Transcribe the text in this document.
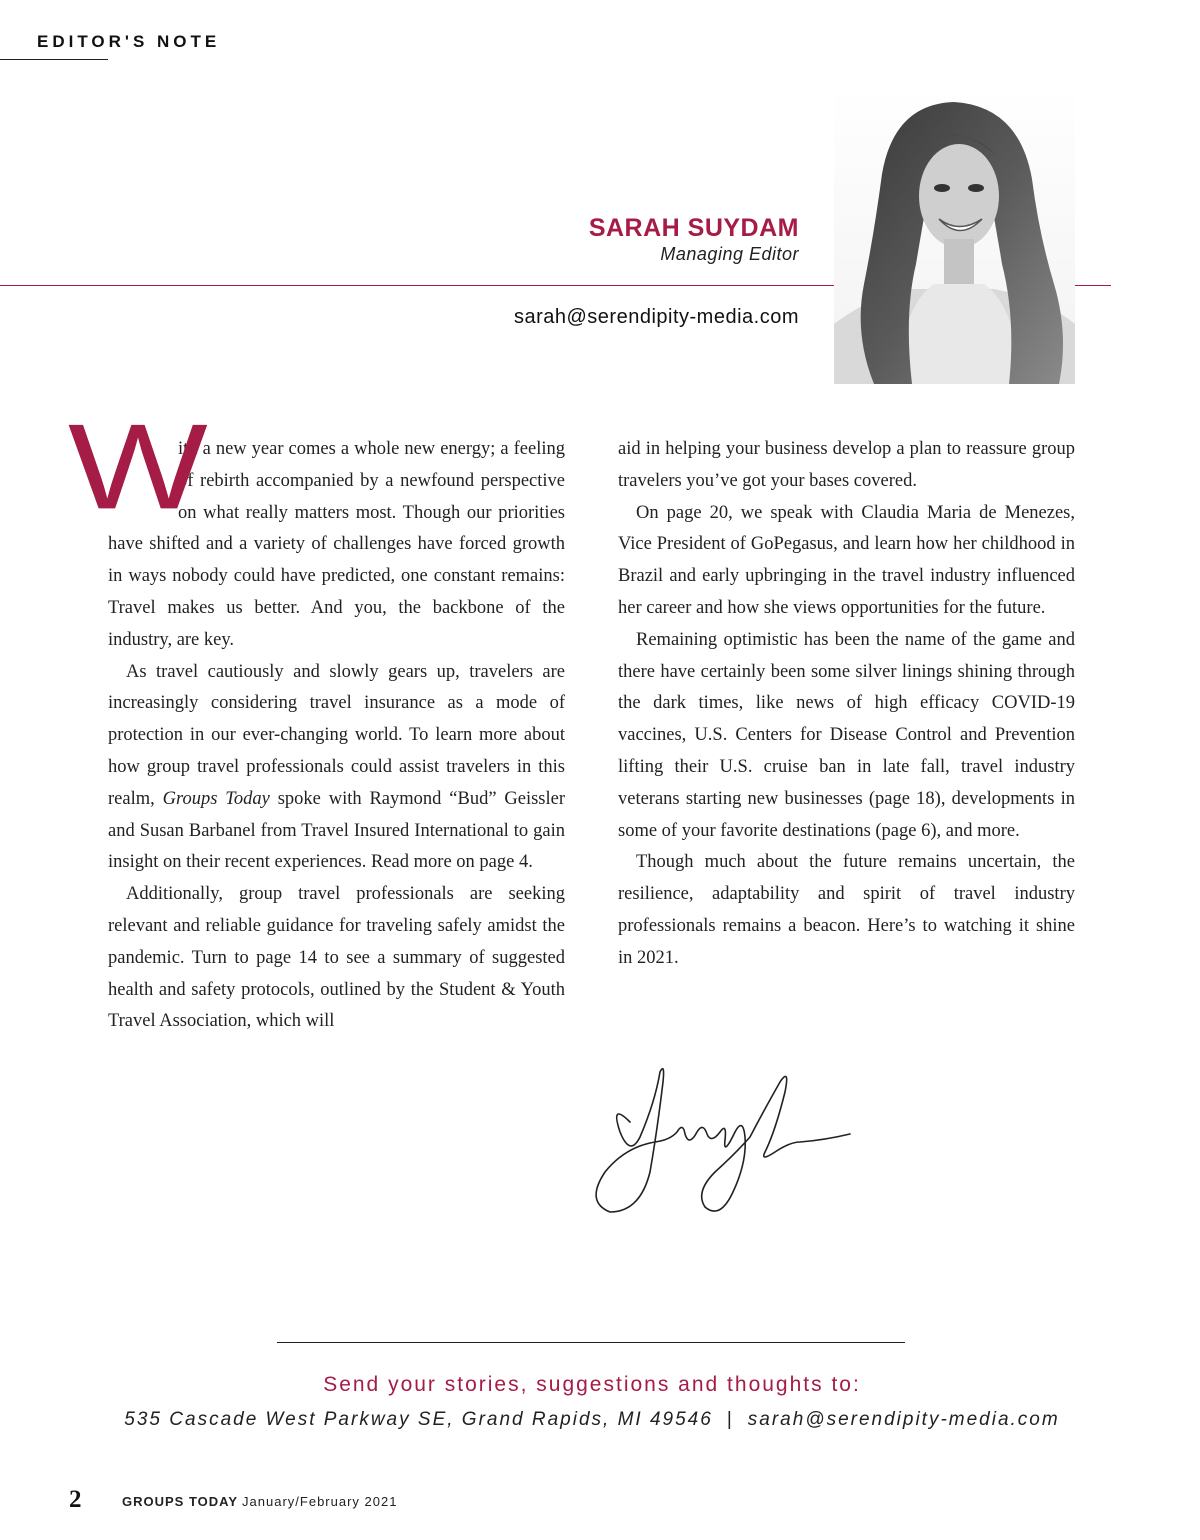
EDITOR'S NOTE
SARAH SUYDAM
Managing Editor
sarah@serendipity-media.com

W
ith a new year comes a whole new energy; a feeling of rebirth accompanied by a newfound perspective on what really matters most. Though our priorities have shifted and a variety of challenges have forced growth in ways nobody could have predicted, one constant remains: Travel makes us better. And you, the backbone of the industry, are key.

As travel cautiously and slowly gears up, travelers are increasingly considering travel insurance as a mode of protection in our ever-changing world. To learn more about how group travel professionals could assist travelers in this realm, Groups Today spoke with Raymond “Bud” Geissler and Susan Barbanel from Travel Insured International to gain insight on their recent experiences. Read more on page 4.

Additionally, group travel professionals are seeking relevant and reliable guidance for traveling safely amidst the pandemic. Turn to page 14 to see a summary of suggested health and safety protocols, outlined by the Student & Youth Travel Association, which will

aid in helping your business develop a plan to reassure group travelers you’ve got your bases covered.

On page 20, we speak with Claudia Maria de Menezes, Vice President of GoPegasus, and learn how her childhood in Brazil and early upbringing in the travel industry influenced her career and how she views opportunities for the future.

Remaining optimistic has been the name of the game and there have certainly been some silver linings shining through the dark times, like news of high efficacy COVID-19 vaccines, U.S. Centers for Disease Control and Prevention lifting their U.S. cruise ban in late fall, travel industry veterans starting new businesses (page 18), developments in some of your favorite destinations (page 6), and more.

Though much about the future remains uncertain, the resilience, adaptability and spirit of travel industry professionals remains a beacon. Here’s to watching it shine in 2021.

Send your stories, suggestions and thoughts to:
535 Cascade West Parkway SE, Grand Rapids, MI 49546 | sarah@serendipity-media.com
2	GROUPS TODAY January/February 2021
